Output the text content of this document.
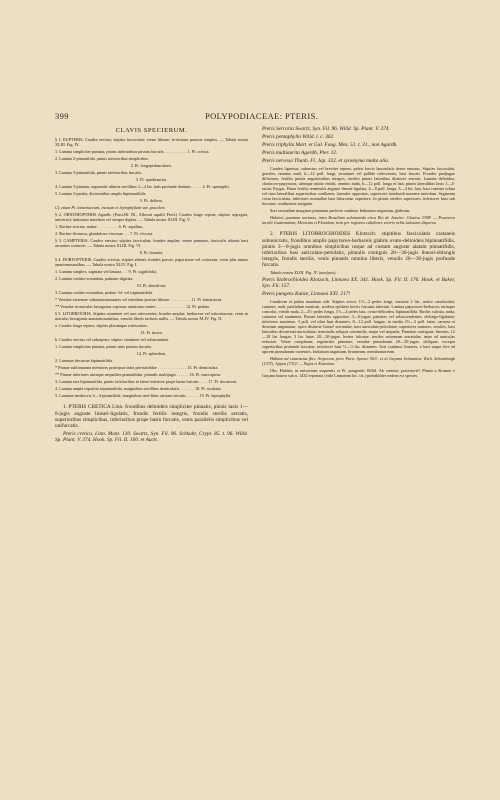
399	POLYPODIACEAE: PTERIS.
CLAVIS SPECIERUM.

§ 1. EUPTERIS. Caudex erectus; stipites fasciculati; venae liberae; lo-dosium praerue simplex. — Tabula nostra XLIII. Fig. IV.

1. Lamina simpliciter pinnata, pinnis inferioribus passim furcatis . . . . . . . . . . . 1. Pt. cretica.

2. Lamina 2-pinnatifida, pinnis inferioribus simplicibus.

2. Pt. longepeduncularis.

3. Lamina 3-pinnatifida, pinnis inferioribus furcatis.

3. Pt. quadriaurita.

4. Lamina 3-pinnata, segmentis ultimis sterilibus 3—4 lin. latis profunde dentatis . . . . . 4. Pt. sprengelii.

5. Lamina 3-partita, divisionibus amplis bipinnatifidis.

5. Pt. deflexa.

Cf. etiam Pt. lomariaceam, incisam et leptophyllam var. gracilem.

§ 2. ORNITHOPTERIS Agardh. (Parsi.Hf. Bl., Allosori aquilii Presl.) Caudex longe repens; stipites segregati, universiti; indusium interdum vel semper duplex. — Tabula nostra XLIII. Fig. V.

1. Rachee strictae, nudae . . . . . . . . . . 6. Pt. aquilina.

2. Rachee flexuosa, glanduloso-viscosae . . . 7. Pt. viscosa.

§ 3. CAMPTERIA. Caudex erectus; stipites fasciculati; frondes amplae; venae pinnatae, fasciculis ultimis basi arcuatim connexis. — Tabula nostra XLIII. Fig. VI.

8. Pt. biaurita.

§ 4. DORYOPTERIS. Caudex erectus; stipites ebenei; frondes parvae, papyraceae vel coriaceae, venis plus minus anastomosantibus. — Tabula nostra XLIV. Fig. I.

1. Lamina simplex, sagittata vel hastata . . . 9. Pt. sagittifolia.

2. Lamina cordato-rotundata, palmato-digitata.

10. Pt. dentifrons.

3. Lamina cordato-rotundata, pedato- bi- vel tripinnatifida.

* Venulae extremae subanastomosantes vel interdum prorsus liberae . . . . . . . . . . 11. Pt. lomariacea.

** Venulae in maculas hexagonas copiosas anastomo-santes . . . . . . . . . . . . . . 12. Pt. pedata.

§ 5. LITOBROCHIA. Stipites straminei vel rare rufescentes; frondes amplae, herbaceae vel subcoriaceae, venis in maculas hexagonas anastomosantibus, venulis liberis inclusis nullis. — Tabula nostra XLIV. Fig. II.

a. Caudex longe repens; stipites plerumque rufescentes.

13. Pt. incisa.

b. Caudex erectus vel subrepens; stipites straminei vel substraminei.

1. Lamina simpliciter pinnata, pinnis imis passim furcatis.

14. Pt. splendens.

2. Laminae decursae bipinnatifida.

* Pinnae sublonnonta inferiores praecipue infra pin-natifidae . . . . . . . . . . . . . . 15. Pt. denticulata.

** Pinnae inferiores utrinque aequaliter pinnatifidae, pinnulis multijugis . . . . . . 16. Pt. macroptera.

3. Lamina tota bipinnatifida, pinnis inferioribus in latere inferiore prope basin furcatis . . . . 17. Pt. decurrens.

4. Lamina ampla tripartita tripinnatifida, marginibus sterilibus denticulatis . . . . . . . 18. Pt. aculeata.

5. Laminae mediocris 3—4-pinnatifida, marginibus steri-libus aristato-serratis . . . . . . 19. Pt. leptophylla.

1. PTERIS CRETICA Linn. frondibus deltoideis simpliciter pinnatis, pinnis laxis 1—8-jugis anguste lineari-ligulatis, frondis fertilis integris, frondis sterilis serratis, superioribus simplicibus, inferioribus prope basin furcatis, venis parallelis simplicibus vel unifurcatis.

Pteris cretica, Linn. Mant. 130. Swartz, Syn. Fil. 96. Schkuhr, Crypt. 85. t. 96. Willd. Sp. Plant. V. 374. Hook. Sp. Fil. II. 160. et Auctt.

Pteris Serraria Swartz, Syn. Fil. 96. Willd. Sp. Plant. V. 374.

Pteris pentaphylla Willd. l. c. 362.

Pteris triphylla Mart. et Gal. Foug. Mex. 51. t. 31., non Agardh.

Pteris multiaurita Agardh, Pter. 12.

Pteris nervosa Thunb. Fl. Jap. 332. et synonyma multa alia.

Caudex lignosus, subrectus vel breviter repens, paleis fuscis lanceolatis dense onustus. Stipites fasciculati, graciles, omnino nudi, 6—12 poll. longi, straminei vel pallide rufescentes, basi fuscati. Frondes pauljugae difformes, fertiles pinnis angustioribus integris, steriles pinnis latioribus distincte serratis. Lamina deltoidea, chartaceo-papyracea, utrinque nitida viridis, omnino nuda, 6—12 poll. longa et lata, pinnis lateralibus laxis 1—4- rarius 8-jugis. Pinna fertilis terminalis anguste lineari-ligulata, 4—8 poll. longa, 3—4 lin. lata, basi cuneata soluta vel cum lateralibus superioribus confluens; laterales oppositae, superiores trendundi nonnere interdum. Segmenta costa fasciculata, inferiores nonnullae basi bifurcatae superiore. In pinnis steriles superiores, inferiores basi sub furcatae; confluentia insignita.

Sori secundum margines pinnarum perfecte continui. Indusium angustum, glabrum.

Habitat, quantum novimus, intra Brasiliam solummodo circa Rio de Janeiro: Glaziou 3308! — Praeterea incolit Guatemalam, Mexicum et Floridam, item per regiones calidiores veteris orbis latissime dispersa.

2. PTERIS LITOBROCHIOIDES Klotzsch: stipitibus fasciculatis castaneis subnuicratis, frondibus amplis papyraceo-herbaceis glabris ovato-deltoideis bipinnatifidis, pinnis 3—6-jugis omnibus simplicibus usque ad costam anguste alatam pinnatifidis, inferioribus basi auriculato-petiolatis, pinnulis contiguis 20—30-jugis lineari-oblongis integris, frondis sterilis, venis pinnatis omnino liberis, venulis 20—30-jugis profunde furcatis.

Tabula nostra XLIII. Fig. IV. (analysis).

Pteris litobrochioides Klotzsch, Linnaea XX. 341. Hook. Sp. Fil. II. 176. Hook. et Baker, Syn. Fil. 157.

Pteris pungens Kunze, Linnaea XXI. 217!

Caudicem et paleas mundum vidi. Stipites erecti, 1½—2 pedes longi, crassitie 2 lin., antice canaliculati, castanei, nudi, pauliulum muricati, aciebus epitheta brevis furcatus intertuit. Lamina papyraceo-herbacea, utrinque concolor, viridis nuda, 2—2½ pedes longa, 1½—2 pedes lata, ovato-deltoidea, bipinnatifida. Rachis sulcata, nuda, castanea vel straminea. Pinnae laterales oppositae, 3—6-jugae, patentes vel subascendentes, oblongo-ligulatae; inferiores maximae, 3 poll. vel ultra basi distantes, 8—12 poll. longae, in medio 2½—3 poll. latae, carnosa et deorsum angustatae, apice distincte linear! serratulae, basi auriculato-petiolatae; superiores minores, sessiles, basi latioribus decurrenti-auriculatae; terminalis reliquis consimilis, major vel aequalis. Pinnulae contiguae, lineares, 12—18 lin. longae, 3 lin. latae, 20—30-jugae, leviter falcatae, steriles extremam serratulae, imae ad auriculas reductae. Venae complanae, regulariter pinnatae; venulae pinnularum 20—30-jugae, obliquae, excepta superioribus profunde furcatae, inferiores basi ½—⅓ lin. distantes. Sori continui, lineares, e basi usque fere ad apicem pinnularum currentes. Indusium angustum, brunneum, membranaceum.

Habitat ad cataractas fluv. Aripecuru prov. Para: Spruce 561!, et in Guyana britannica: Rich. Schomburgk (1337), Appun (731)! — Najas et Extratras.

Obs. Habitus in universum sequentis et Pt. pungentis Willd. Ab varietas posterioris? Planta a Kramer e Guyana batava sub n. 1432 reportata (vide Linnaeam loc. cit.) probabiliter eadem est species.
